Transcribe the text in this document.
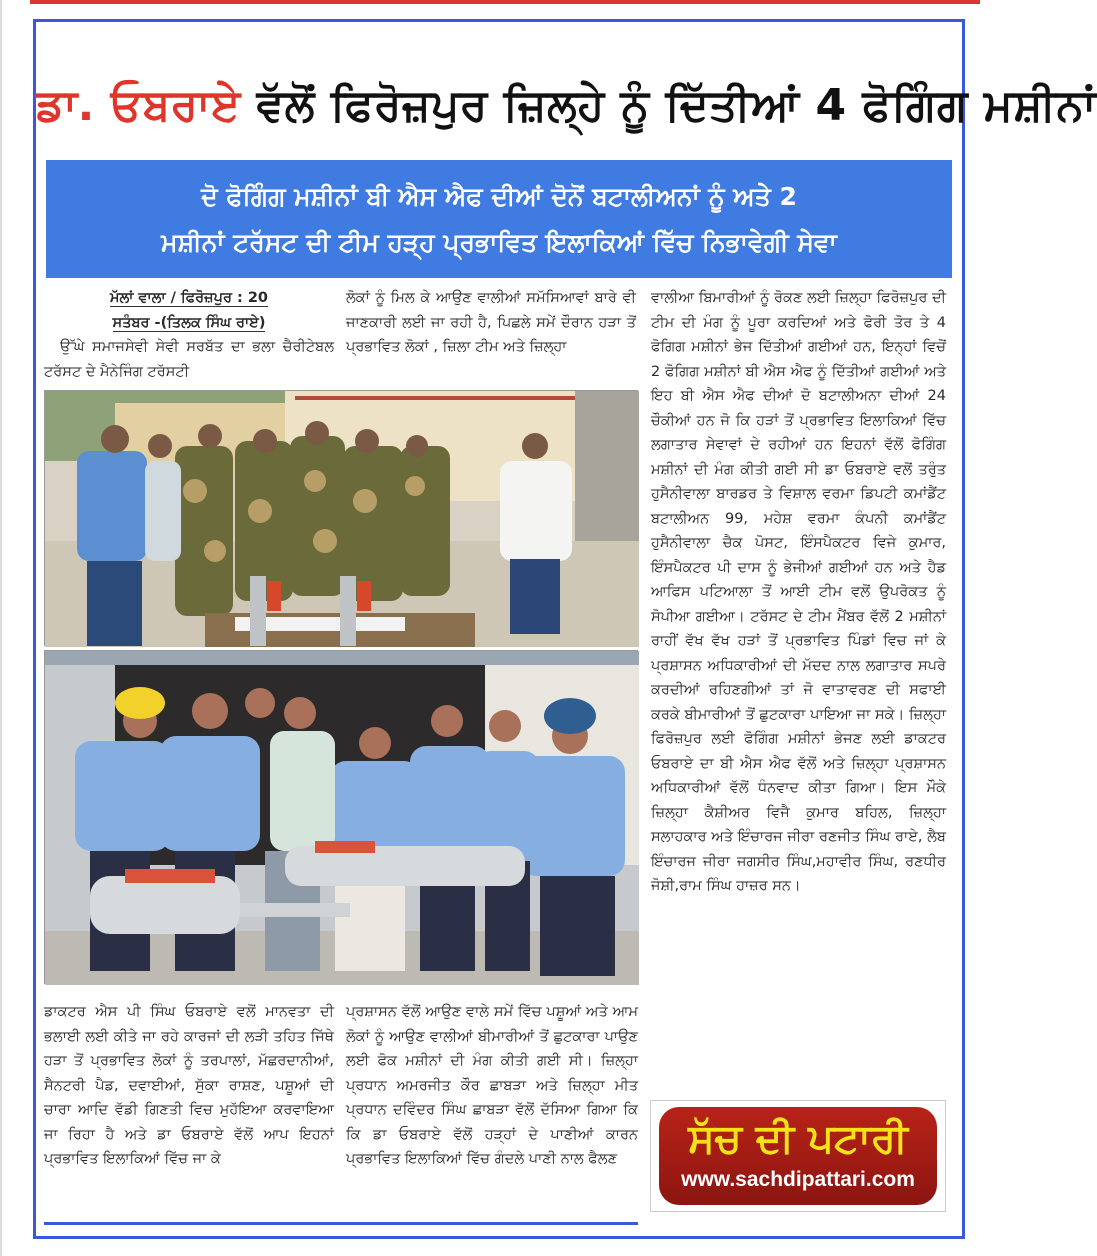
ਡਾ. ਓਬਰਾਏ ਵੱਲੋਂ ਫਿਰੋਜ਼ਪੁਰ ਜ਼ਿਲ੍ਹੇ ਨੂੰ ਦਿੱਤੀਆਂ 4 ਫੋਗਿੰਗ ਮਸ਼ੀਨਾਂ
ਦੋ ਫੋਗਿੰਗ ਮਸ਼ੀਨਾਂ ਬੀ ਐਸ ਐਫ ਦੀਆਂ ਦੋਨੋਂ ਬਟਾਲੀਅਨਾਂ ਨੂੰ ਅਤੇ 2
ਮਸ਼ੀਨਾਂ ਟਰੱਸਟ ਦੀ ਟੀਮ ਹੜ੍ਹ ਪ੍ਰਭਾਵਿਤ ਇਲਾਕਿਆਂ ਵਿੱਚ ਨਿਭਾਵੇਗੀ ਸੇਵਾ

ਮੱਲਾਂ ਵਾਲਾ / ਫਿਰੋਜ਼ਪੁਰ : 20
ਸਤੰਬਰ -(ਤਿਲਕ ਸਿੰਘ ਰਾਏ)

ਉੱਘੇ ਸਮਾਜਸੇਵੀ ਸੇਵੀ ਸਰਬੱਤ ਦਾ ਭਲਾ ਚੈਰੀਟੇਬਲ ਟਰੱਸਟ ਦੇ ਮੈਨੇਜਿੰਗ ਟਰੱਸਟੀ

ਲੋਕਾਂ ਨੂੰ ਮਿਲ ਕੇ ਆਉਣ ਵਾਲੀਆਂ ਸਮੱਸਿਆਵਾਂ ਬਾਰੇ ਵੀ ਜਾਣਕਾਰੀ ਲਈ ਜਾ ਰਹੀ ਹੈ, ਪਿਛਲੇ ਸਮੇਂ ਦੌਰਾਨ ਹੜਾ ਤੋਂ ਪ੍ਰਭਾਵਿਤ ਲੋਕਾਂ , ਜ਼ਿਲਾ ਟੀਮ ਅਤੇ ਜ਼ਿਲ੍ਹਾ

ਵਾਲੀਆ ਬਿਮਾਰੀਆਂ ਨੂੰ ਰੋਕਣ ਲਈ ਜ਼ਿਲ੍ਹਾ ਫਿਰੋਜ਼ਪੁਰ ਦੀ ਟੀਮ ਦੀ ਮੰਗ ਨੂੰ ਪੂਰਾ ਕਰਦਿਆਂ ਅਤੇ ਫੋਰੀ ਤੋਰ ਤੇ 4 ਫੋਗਿਗ ਮਸ਼ੀਨਾਂ ਭੇਜ ਦਿੱਤੀਆਂ ਗਈਆਂ ਹਨ, ਇਨ੍ਹਾਂ ਵਿਚੋਂ 2 ਫੋਗਿਗ ਮਸ਼ੀਨਾਂ ਬੀ ਐਸ ਐਫ ਨੂੰ ਦਿੱਤੀਆਂ ਗਈਆਂ ਅਤੇ ਇਹ ਬੀ ਐਸ ਐਫ ਦੀਆਂ ਦੋ ਬਟਾਲੀਅਨਾ ਦੀਆਂ 24 ਚੌਕੀਆਂ ਹਨ ਜੋ ਕਿ ਹੜਾਂ ਤੋਂ ਪ੍ਰਭਾਵਿਤ ਇਲਾਕਿਆਂ ਵਿੱਚ ਲਗਾਤਾਰ ਸੇਵਾਵਾਂ ਦੇ ਰਹੀਆਂ ਹਨ ਇਹਨਾਂ ਵੱਲੋਂ ਫੋਗਿੰਗ ਮਸ਼ੀਨਾਂ ਦੀ ਮੰਗ ਕੀਤੀ ਗਈ ਸੀ ਡਾ ਓਬਰਾਏ ਵਲੋਂ ਤਰੁੰਤ ਹੁਸੈਨੀਵਾਲਾ ਬਾਰਡਰ ਤੇ ਵਿਸ਼ਾਲ ਵਰਮਾ ਡਿਪਟੀ ਕਮਾਂਡੈਂਟ ਬਟਾਲੀਅਨ 99, ਮਹੇਸ਼ ਵਰਮਾ ਕੰਪਨੀ ਕਮਾਂਡੈਂਟ ਹੁਸੈਨੀਵਾਲਾ ਚੈਕ ਪੋਸਟ, ਇੰਸਪੈਕਟਰ ਵਿਜੇ ਕੁਮਾਰ, ਇੰਸਪੈਕਟਰ ਪੀ ਦਾਸ ਨੂੰ ਭੇਜੀਆਂ ਗਈਆਂ ਹਨ ਅਤੇ ਹੈਡ ਆਫਿਸ ਪਟਿਆਲਾ ਤੋਂ ਆਈ ਟੀਮ ਵਲੋਂ ਉਪਰੋਕਤ ਨੂੰ ਸੋਪੀਆ ਗਈਆ। ਟਰੱਸਟ ਦੇ ਟੀਮ ਮੈਂਬਰ ਵੱਲੋਂ 2 ਮਸ਼ੀਨਾਂ ਰਾਹੀਂ ਵੱਖ ਵੱਖ ਹੜਾਂ ਤੋਂ ਪ੍ਰਭਾਵਿਤ ਪਿੰਡਾਂ ਵਿਚ ਜਾਂ ਕੇ ਪ੍ਰਸ਼ਾਸਨ ਅਧਿਕਾਰੀਆਂ ਦੀ ਮੱਦਦ ਨਾਲ ਲਗਾਤਾਰ ਸਪਰੇ ਕਰਦੀਆਂ ਰਹਿਣਗੀਆਂ ਤਾਂ ਜੋ ਵਾਤਾਵਰਣ ਦੀ ਸਫਾਈ ਕਰਕੇ ਬੀਮਾਰੀਆਂ ਤੋਂ ਛੁਟਕਾਰਾ ਪਾਇਆ ਜਾ ਸਕੇ। ਜ਼ਿਲ੍ਹਾ ਫਿਰੋਜ਼ਪੁਰ ਲਈ ਫੋਗਿੰਗ ਮਸ਼ੀਨਾਂ ਭੇਜਣ ਲਈ ਡਾਕਟਰ ਓਬਰਾਏ ਦਾ ਬੀ ਐਸ ਐਫ ਵੱਲੋਂ ਅਤੇ ਜ਼ਿਲ੍ਹਾ ਪ੍ਰਸ਼ਾਸਨ ਅਧਿਕਾਰੀਆਂ ਵੱਲੋਂ ਧੰਨਵਾਦ ਕੀਤਾ ਗਿਆ। ਇਸ ਮੌਕੇ ਜ਼ਿਲ੍ਹਾ ਕੈਸ਼ੀਅਰ ਵਿਜੈ ਕੁਮਾਰ ਬਹਿਲ, ਜ਼ਿਲ੍ਹਾ ਸਲਾਹਕਾਰ ਅਤੇ ਇੰਚਾਰਜ ਜੀਰਾ ਰਣਜੀਤ ਸਿੰਘ ਰਾਏ, ਲੈਬ ਇੰਚਾਰਜ ਜੀਰਾ ਜਗਸੀਰ ਸਿੰਘ,ਮਹਾਵੀਰ ਸਿੰਘ, ਰਣਧੀਰ ਜੋਸ਼ੀ,ਰਾਮ ਸਿੰਘ ਹਾਜ਼ਰ ਸਨ।

ਡਾਕਟਰ ਐਸ ਪੀ ਸਿੰਘ ਓਬਰਾਏ ਵਲੋਂ ਮਾਨਵਤਾ ਦੀ ਭਲਾਈ ਲਈ ਕੀਤੇ ਜਾ ਰਹੇ ਕਾਰਜਾਂ ਦੀ ਲੜੀ ਤਹਿਤ ਜਿੱਥੇ ਹੜਾ ਤੋਂ ਪ੍ਰਭਾਵਿਤ ਲੋਕਾਂ ਨੂੰ ਤਰਪਾਲਾਂ, ਮੱਛਰਦਾਨੀਆਂ, ਸੈਨਟਰੀ ਪੈਡ, ਦਵਾਈਆਂ, ਸੁੱਕਾ ਰਾਸ਼ਣ, ਪਸ਼ੂਆਂ ਦੀ ਚਾਰਾ ਆਦਿ ਵੱਡੀ ਗਿਣਤੀ ਵਿਚ ਮੁਹੱਇਆ ਕਰਵਾਇਆ ਜਾ ਰਿਹਾ ਹੈ ਅਤੇ ਡਾ ਓਬਰਾਏ ਵੱਲੋਂ ਆਪ ਇਹਨਾਂ ਪ੍ਰਭਾਵਿਤ ਇਲਾਕਿਆਂ ਵਿੱਚ ਜਾ ਕੇ

ਪ੍ਰਸ਼ਾਸਨ ਵੱਲੋਂ ਆਉਣ ਵਾਲੇ ਸਮੇਂ ਵਿੱਚ ਪਸ਼ੂਆਂ ਅਤੇ ਆਮ ਲੋਕਾਂ ਨੂੰ ਆਉਣ ਵਾਲੀਆਂ ਬੀਮਾਰੀਆਂ ਤੋਂ ਛੁਟਕਾਰਾ ਪਾਉਣ ਲਈ ਫੋਕ ਮਸ਼ੀਨਾਂ ਦੀ ਮੰਗ ਕੀਤੀ ਗਈ ਸੀ। ਜ਼ਿਲ੍ਹਾ ਪ੍ਰਧਾਨ ਅਮਰਜੀਤ ਕੌਰ ਛਾਬੜਾ ਅਤੇ ਜ਼ਿਲ੍ਹਾ ਮੀਤ ਪ੍ਰਧਾਨ ਦਵਿੰਦਰ ਸਿੰਘ ਛਾਬੜਾ ਵੱਲੋਂ ਦੱਸਿਆ ਗਿਆ ਕਿ ਕਿ ਡਾ ਓਬਰਾਏ ਵੱਲੋਂ ਹੜ੍ਹਾਂ ਦੇ ਪਾਣੀਆਂ ਕਾਰਨ ਪ੍ਰਭਾਵਿਤ ਇਲਾਕਿਆਂ ਵਿੱਚ ਗੰਦਲੇ ਪਾਣੀ ਨਾਲ ਫੈਲਣ	ਸੱਚ ਦੀ ਪਟਾਰੀ
www.sachdipattari.com
